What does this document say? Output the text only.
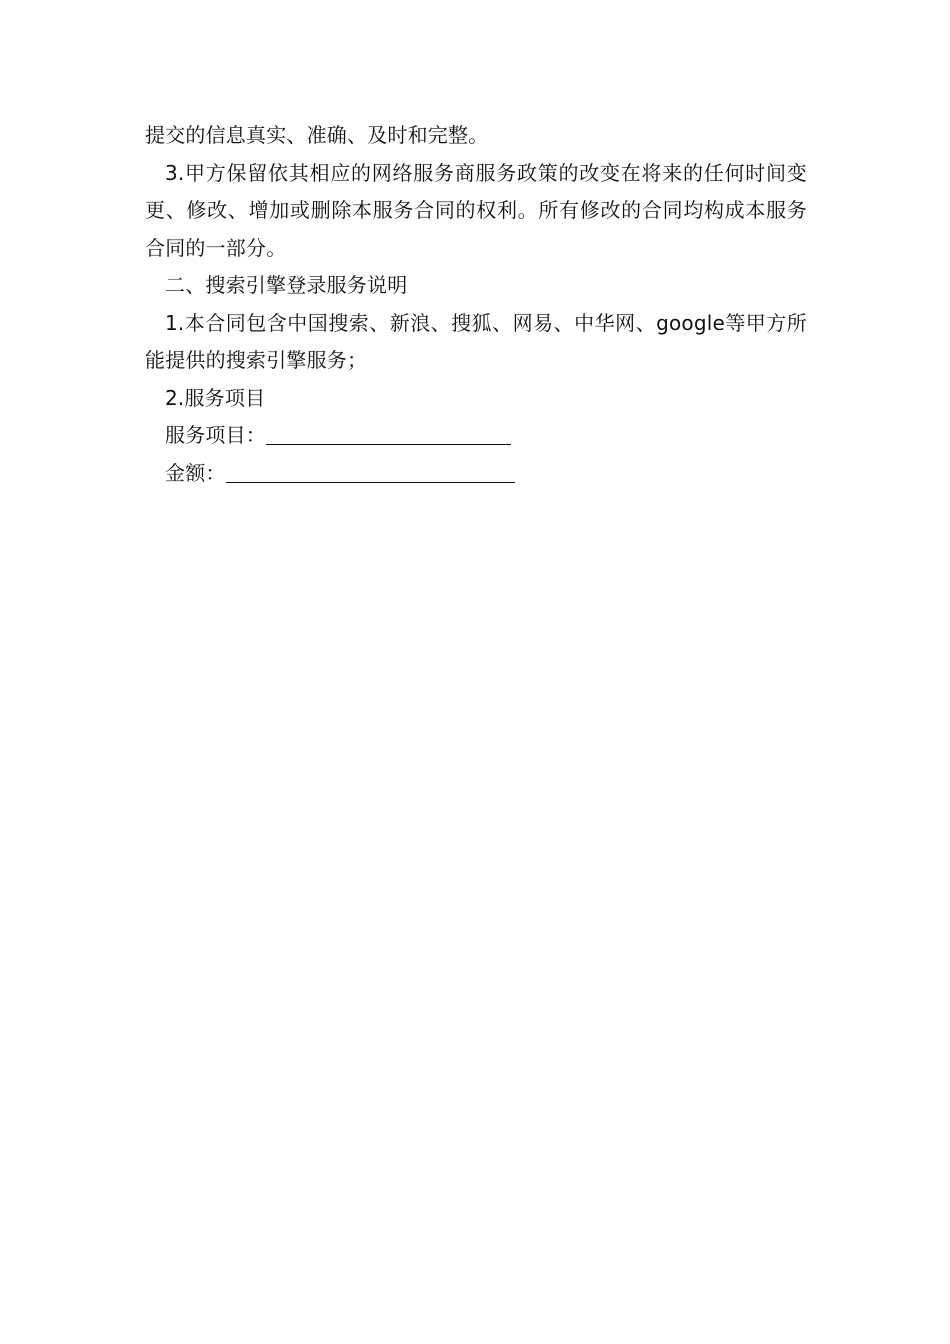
提交的信息真实、准确、及时和完整。

3.甲方保留依其相应的网络服务商服务政策的改变在将来的任何时间变更、修改、增加或删除本服务合同的权利。所有修改的合同均构成本服务合同的一部分。

二、搜索引擎登录服务说明

1.本合同包含中国搜索、新浪、搜狐、网易、中华网、google等甲方所能提供的搜索引擎服务；

2.服务项目

服务项目：

金额：
